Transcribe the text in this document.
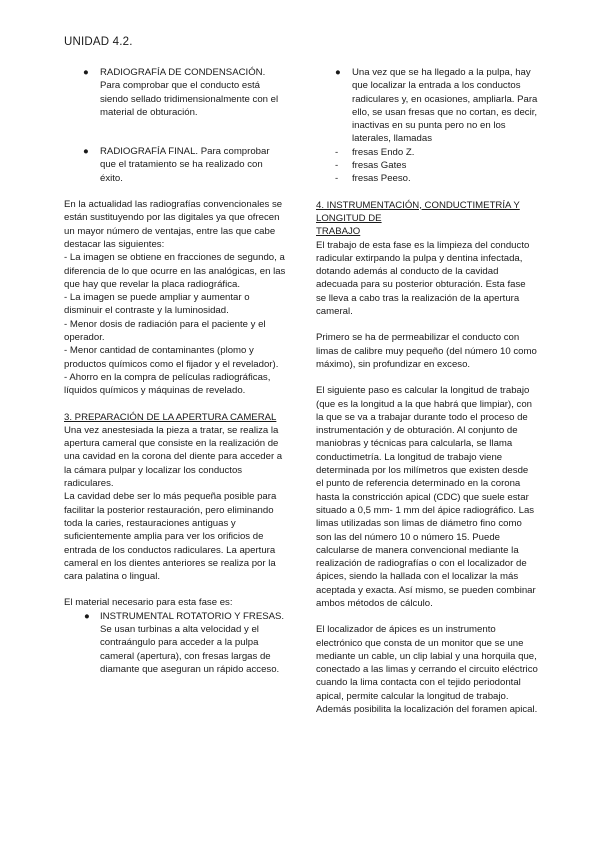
UNIDAD 4.2.
● RADIOGRAFÍA DE CONDENSACIÓN. Para comprobar que el conducto está siendo sellado tridimensionalmente con el material de obturación.

● RADIOGRAFÍA FINAL. Para comprobar que el tratamiento se ha realizado con éxito.

En la actualidad las radiografías convencionales se están sustituyendo por las digitales ya que ofrecen un mayor número de ventajas, entre las que cabe destacar las siguientes:

- La imagen se obtiene en fracciones de segundo, a diferencia de lo que ocurre en las analógicas, en las que hay que revelar la placa radiográfica.

- La imagen se puede ampliar y aumentar o disminuir el contraste y la luminosidad.

- Menor dosis de radiación para el paciente y el operador.

- Menor cantidad de contaminantes (plomo y productos químicos como el fijador y el revelador).

- Ahorro en la compra de películas radiográficas, líquidos químicos y máquinas de revelado.

3. PREPARACIÓN DE LA APERTURA CAMERAL

Una vez anestesiada la pieza a tratar, se realiza la apertura cameral que consiste en la realización de una cavidad en la corona del diente para acceder a la cámara pulpar y localizar los conductos radiculares.

La cavidad debe ser lo más pequeña posible para facilitar la posterior restauración, pero eliminando toda la caries, restauraciones antiguas y suficientemente amplia para ver los orificios de entrada de los conductos radiculares. La apertura cameral en los dientes anteriores se realiza por la cara palatina o lingual.

El material necesario para esta fase es:

● INSTRUMENTAL ROTATORIO Y FRESAS. Se usan turbinas a alta velocidad y el contraángulo para acceder a la pulpa cameral (apertura), con fresas largas de diamante que aseguran un rápido acceso.

● Una vez que se ha llegado a la pulpa, hay que localizar la entrada a los conductos radiculares y, en ocasiones, ampliarla. Para ello, se usan fresas que no cortan, es decir, inactivas en su punta pero no en los laterales, llamadas

- fresas Endo Z.

- fresas Gates

- fresas Peeso.

4. INSTRUMENTACIÓN, CONDUCTIMETRÍA Y LONGITUD DE

TRABAJO

El trabajo de esta fase es la limpieza del conducto radicular extirpando la pulpa y dentina infectada, dotando además al conducto de la cavidad adecuada para su posterior obturación. Esta fase se lleva a cabo tras la realización de la apertura cameral.

Primero se ha de permeabilizar el conducto con limas de calibre muy pequeño (del número 10 como máximo), sin profundizar en exceso.

El siguiente paso es calcular la longitud de trabajo (que es la longitud a la que habrá que limpiar), con la que se va a trabajar durante todo el proceso de instrumentación y de obturación. Al conjunto de maniobras y técnicas para calcularla, se llama conductimetría. La longitud de trabajo viene determinada por los milímetros que existen desde el punto de referencia determinado en la corona hasta la constricción apical (CDC) que suele estar situado a 0,5 mm- 1 mm del ápice radiográfico. Las limas utilizadas son limas de diámetro fino como son las del número 10 o número 15. Puede calcularse de manera convencional mediante la realización de radiografías o con el localizador de ápices, siendo la hallada con el localizar la más aceptada y exacta. Así mismo, se pueden combinar ambos métodos de cálculo.

El localizador de ápices es un instrumento electrónico que consta de un monitor que se une mediante un cable, un clip labial y una horquila que, conectado a las limas y cerrando el circuito eléctrico cuando la lima contacta con el tejido periodontal apical, permite calcular la longitud de trabajo. Además posibilita la localización del foramen apical.
